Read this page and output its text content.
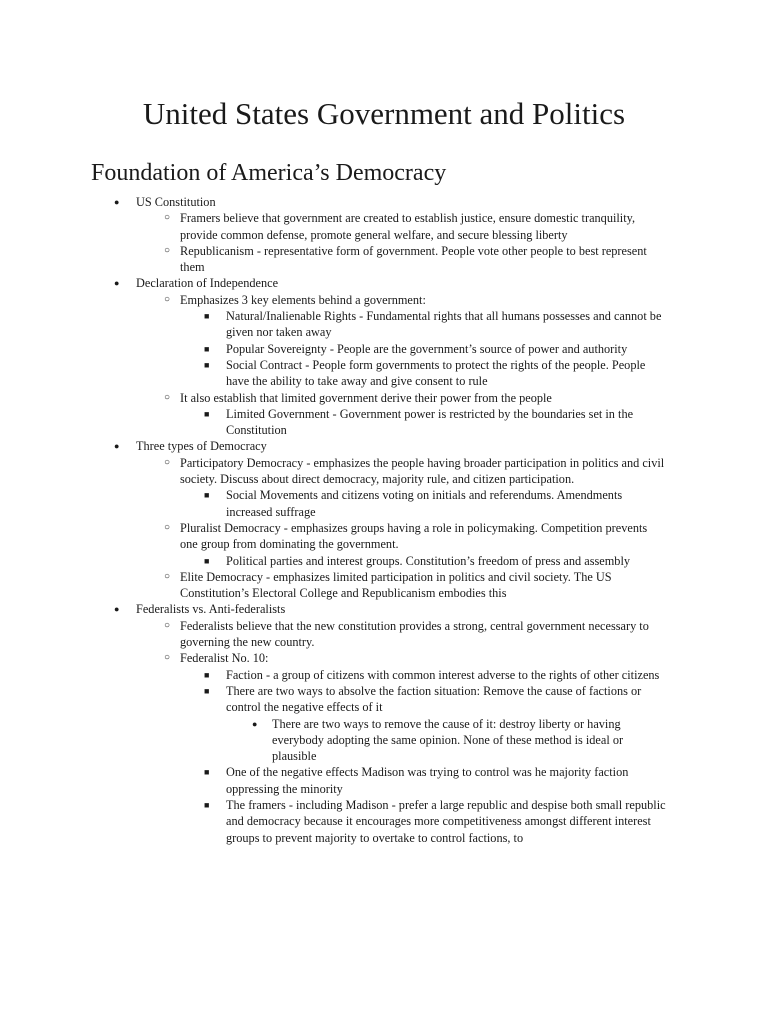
United States Government and Politics
Foundation of America’s Democracy
● US Constitution
○ Framers believe that government are created to establish justice, ensure domestic tranquility, provide common defense, promote general welfare, and secure blessing liberty
○ Republicanism - representative form of government. People vote other people to best represent them
● Declaration of Independence
○ Emphasizes 3 key elements behind a government:
■ Natural/Inalienable Rights - Fundamental rights that all humans possesses and cannot be given nor taken away
■ Popular Sovereignty - People are the government’s source of power and authority
■ Social Contract - People form governments to protect the rights of the people. People have the ability to take away and give consent to rule
○ It also establish that limited government derive their power from the people
■ Limited Government - Government power is restricted by the boundaries set in the Constitution
● Three types of Democracy
○ Participatory Democracy - emphasizes the people having broader participation in politics and civil society. Discuss about direct democracy, majority rule, and citizen participation.
■ Social Movements and citizens voting on initials and referendums. Amendments increased suffrage
○ Pluralist Democracy - emphasizes groups having a role in policymaking. Competition prevents one group from dominating the government.
■ Political parties and interest groups. Constitution’s freedom of press and assembly
○ Elite Democracy - emphasizes limited participation in politics and civil society. The US Constitution’s Electoral College and Republicanism embodies this
● Federalists vs. Anti-federalists
○ Federalists believe that the new constitution provides a strong, central government necessary to governing the new country.
○ Federalist No. 10:
■ Faction - a group of citizens with common interest adverse to the rights of other citizens
■ There are two ways to absolve the faction situation: Remove the cause of factions or control the negative effects of it
● There are two ways to remove the cause of it: destroy liberty or having everybody adopting the same opinion. None of these method is ideal or plausible
■ One of the negative effects Madison was trying to control was he majority faction oppressing the minority
■ The framers - including Madison - prefer a large republic and despise both small republic and democracy because it encourages more competitiveness amongst different interest groups to prevent majority to overtake to control factions, to
